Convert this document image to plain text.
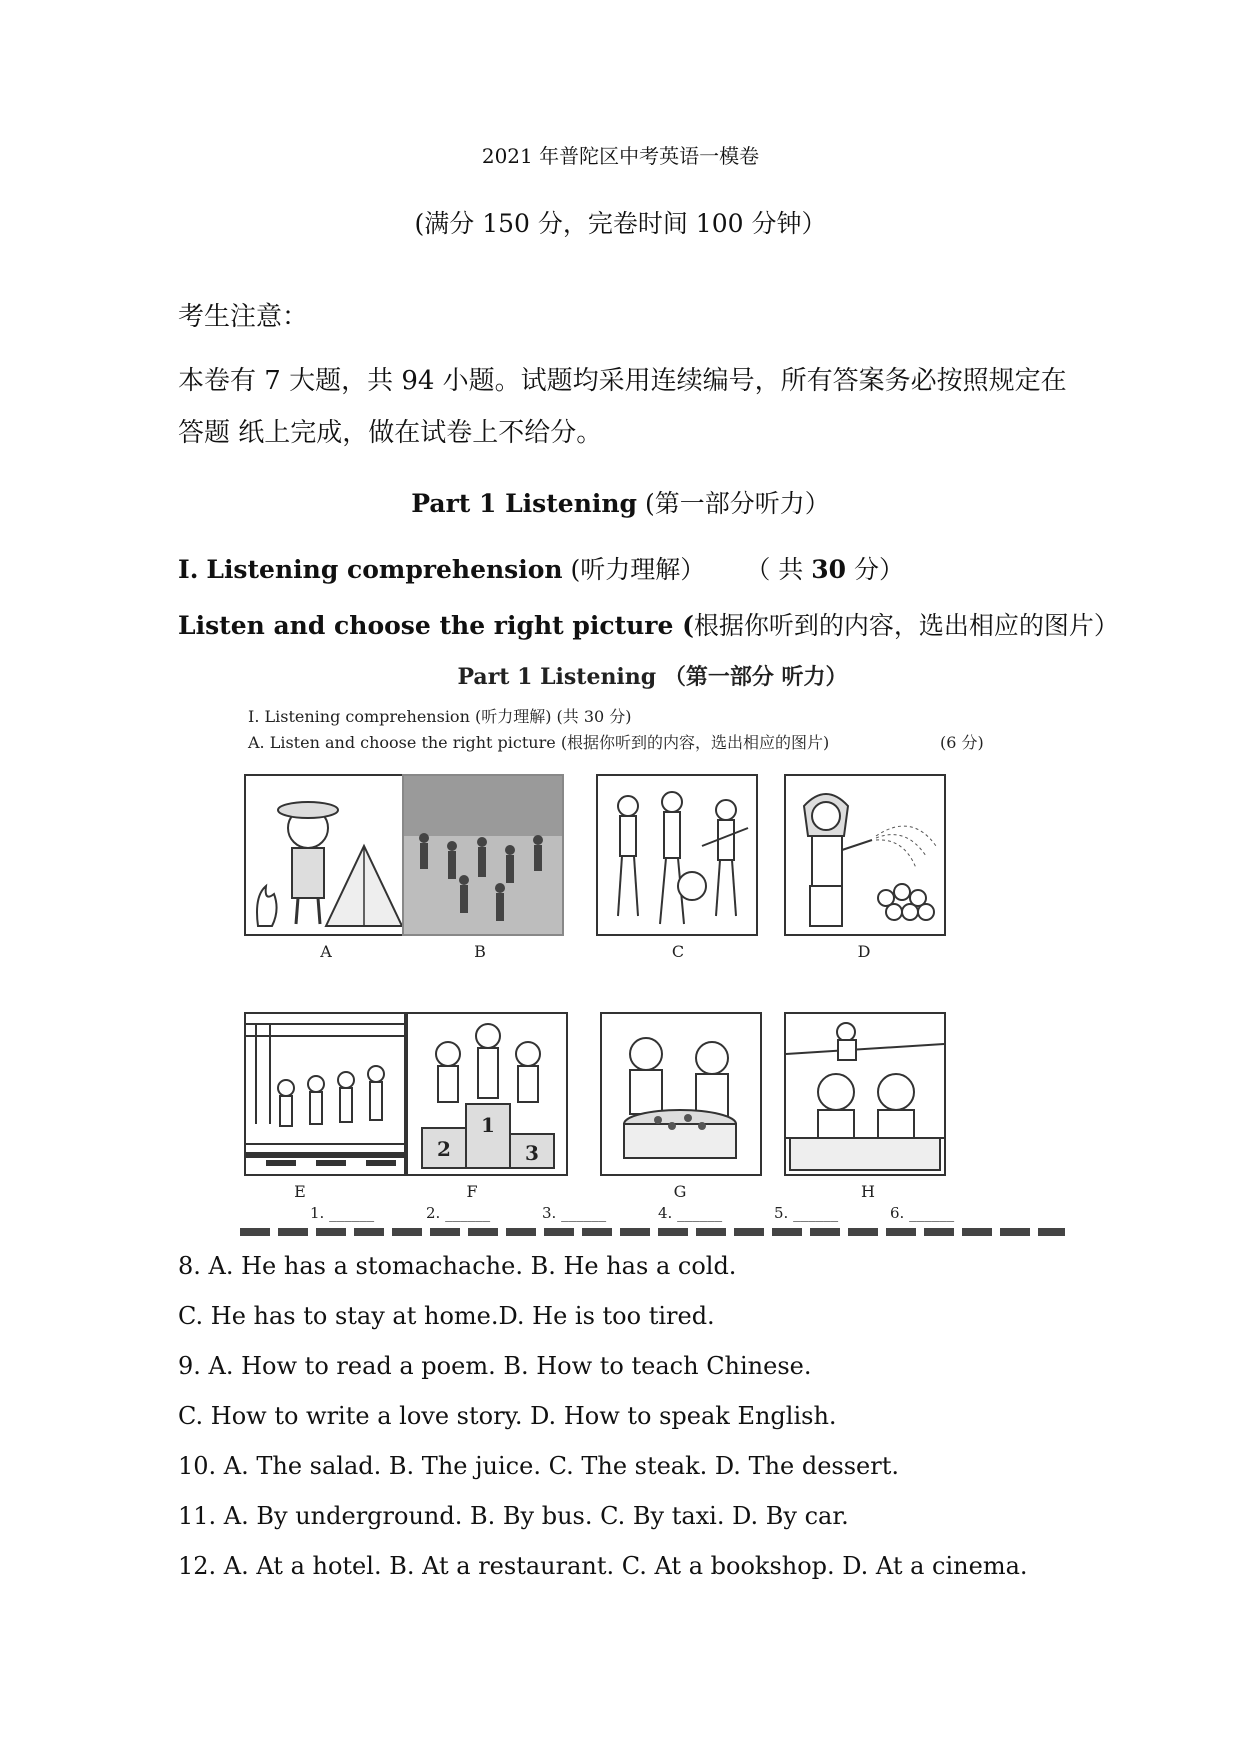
2021 年普陀区中考英语一模卷
(满分 150 分，完卷时间 100 分钟）
考生注意：
本卷有 7 大题，共 94 小题。试题均采用连续编号，所有答案务必按照规定在
答题 纸上完成，做在试卷上不给分。
Part 1 Listening (第一部分听力）
I. Listening comprehension (听力理解） （ 共 30 分）
Listen and choose the right picture (根据你听到的内容，选出相应的图片）
Part 1 Listening （第一部分 听力）
I. Listening comprehension (听力理解) (共 30 分)
A. Listen and choose the right picture (根据你听到的内容，选出相应的图片)	(6 分)
A	B	C	D
1
2	3
E	F	G	H
1. ______	2. ______	3. ______	4. ______	5. ______	6. ______
8. A. He has a stomachache. B. He has a cold.
C. He has to stay at home.D. He is too tired.
9. A. How to read a poem. B. How to teach Chinese.
C. How to write a love story. D. How to speak English.
10. A. The salad. B. The juice. C. The steak. D. The dessert.
11. A. By underground. B. By bus. C. By taxi. D. By car.
12. A. At a hotel. B. At a restaurant. C. At a bookshop. D. At a cinema.
